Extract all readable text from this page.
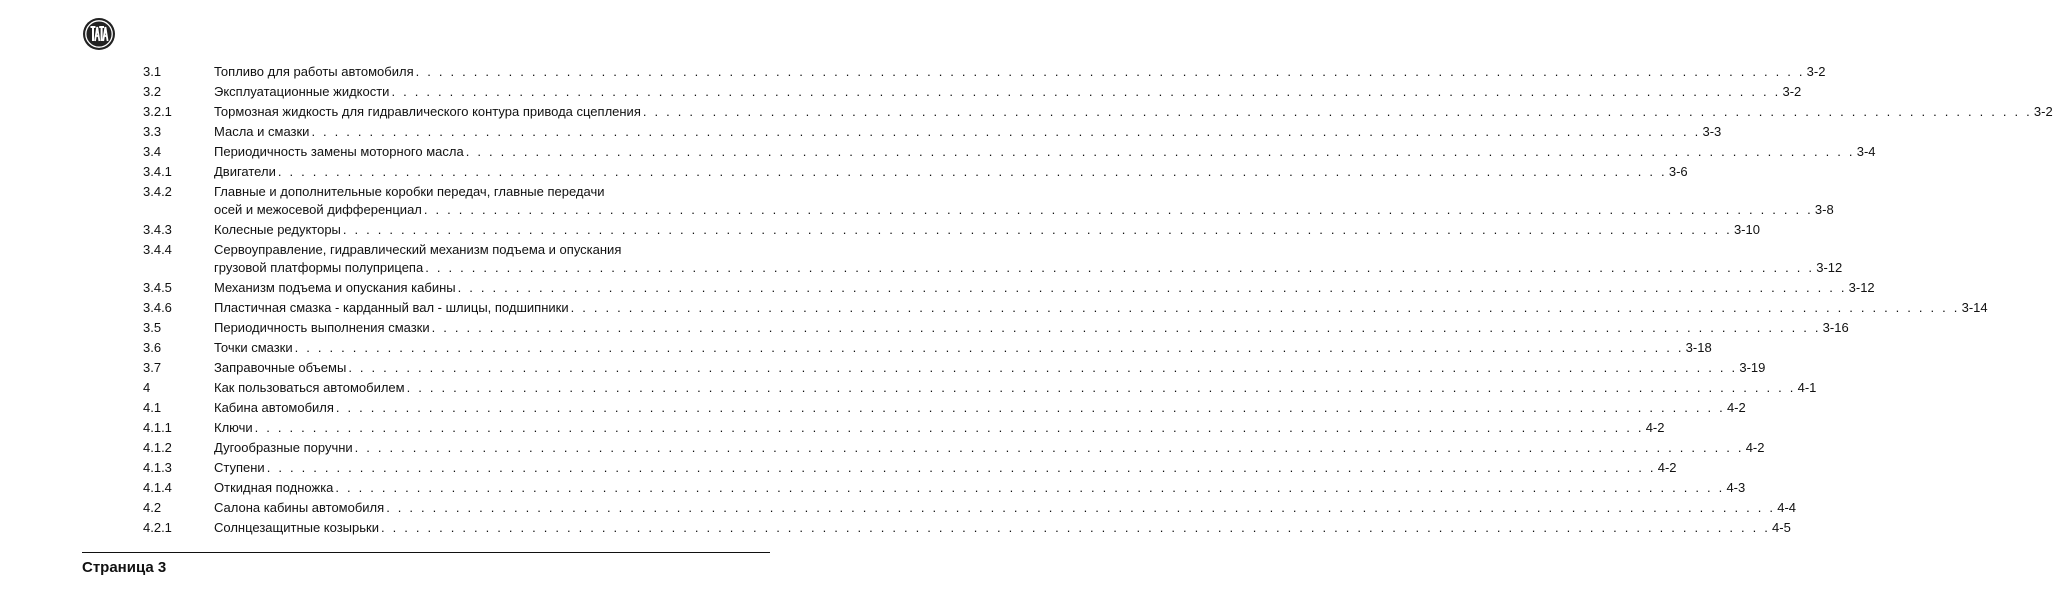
3.1	Топливо для работы автомобиля . . . . . . . . . . . . . . . . . . . . . . . . . . . . . . . . . . . . . . . . . . . . . . . . . . . . . . . . . . . . . . . . . . . . . . . . . . . . . . . . . . . . . . . . . . . . . . . . . . . . . . . . . . . . . . . . . . . . . . . . 3-2
3.2	Эксплуатационные жидкости . . . . . . . . . . . . . . . . . . . . . . . . . . . . . . . . . . . . . . . . . . . . . . . . . . . . . . . . . . . . . . . . . . . . . . . . . . . . . . . . . . . . . . . . . . . . . . . . . . . . . . . . . . . . . . . . . . . . . . . . 3-2
3.2.1	Тормозная жидкость для гидравлического контура привода сцепления . . . . . . . . . . . . . . . . . . . . . . . . . . . . . . . . . . . . . . . . . . . . . . . . . . . . . . . . . . . . . . . . . . . . . . . . . . . . . . . . . . . . . . . . . . . . . . . . . . . . . . . . . . . . . . . . . . . . . . . . 3-2
3.3	Масла и смазки . . . . . . . . . . . . . . . . . . . . . . . . . . . . . . . . . . . . . . . . . . . . . . . . . . . . . . . . . . . . . . . . . . . . . . . . . . . . . . . . . . . . . . . . . . . . . . . . . . . . . . . . . . . . . . . . . . . . . . . . 3-3
3.4	Периодичность замены моторного масла . . . . . . . . . . . . . . . . . . . . . . . . . . . . . . . . . . . . . . . . . . . . . . . . . . . . . . . . . . . . . . . . . . . . . . . . . . . . . . . . . . . . . . . . . . . . . . . . . . . . . . . . . . . . . . . . . . . . . . . . 3-4
3.4.1	Двигатели . . . . . . . . . . . . . . . . . . . . . . . . . . . . . . . . . . . . . . . . . . . . . . . . . . . . . . . . . . . . . . . . . . . . . . . . . . . . . . . . . . . . . . . . . . . . . . . . . . . . . . . . . . . . . . . . . . . . . . . . 3-6
3.4.2	Главные и дополнительные коробки передач, главные передачи
осей и межосевой дифференциал . . . . . . . . . . . . . . . . . . . . . . . . . . . . . . . . . . . . . . . . . . . . . . . . . . . . . . . . . . . . . . . . . . . . . . . . . . . . . . . . . . . . . . . . . . . . . . . . . . . . . . . . . . . . . . . . . . . . . . . . 3-8
3.4.3	Колесные редукторы . . . . . . . . . . . . . . . . . . . . . . . . . . . . . . . . . . . . . . . . . . . . . . . . . . . . . . . . . . . . . . . . . . . . . . . . . . . . . . . . . . . . . . . . . . . . . . . . . . . . . . . . . . . . . . . . . . . . . . . . 3-10
3.4.4	Сервоуправление, гидравлический механизм подъема и опускания
грузовой платформы полуприцепа . . . . . . . . . . . . . . . . . . . . . . . . . . . . . . . . . . . . . . . . . . . . . . . . . . . . . . . . . . . . . . . . . . . . . . . . . . . . . . . . . . . . . . . . . . . . . . . . . . . . . . . . . . . . . . . . . . . . . . . . 3-12
3.4.5	Механизм подъема и опускания кабины . . . . . . . . . . . . . . . . . . . . . . . . . . . . . . . . . . . . . . . . . . . . . . . . . . . . . . . . . . . . . . . . . . . . . . . . . . . . . . . . . . . . . . . . . . . . . . . . . . . . . . . . . . . . . . . . . . . . . . . . 3-12
3.4.6	Пластичная смазка - карданный вал - шлицы, подшипники . . . . . . . . . . . . . . . . . . . . . . . . . . . . . . . . . . . . . . . . . . . . . . . . . . . . . . . . . . . . . . . . . . . . . . . . . . . . . . . . . . . . . . . . . . . . . . . . . . . . . . . . . . . . . . . . . . . . . . . . 3-14
3.5	Периодичность выполнения смазки . . . . . . . . . . . . . . . . . . . . . . . . . . . . . . . . . . . . . . . . . . . . . . . . . . . . . . . . . . . . . . . . . . . . . . . . . . . . . . . . . . . . . . . . . . . . . . . . . . . . . . . . . . . . . . . . . . . . . . . . 3-16
3.6	Точки смазки . . . . . . . . . . . . . . . . . . . . . . . . . . . . . . . . . . . . . . . . . . . . . . . . . . . . . . . . . . . . . . . . . . . . . . . . . . . . . . . . . . . . . . . . . . . . . . . . . . . . . . . . . . . . . . . . . . . . . . . . 3-18
3.7	Заправочные объемы . . . . . . . . . . . . . . . . . . . . . . . . . . . . . . . . . . . . . . . . . . . . . . . . . . . . . . . . . . . . . . . . . . . . . . . . . . . . . . . . . . . . . . . . . . . . . . . . . . . . . . . . . . . . . . . . . . . . . . . . 3-19
4	Как пользоваться автомобилем . . . . . . . . . . . . . . . . . . . . . . . . . . . . . . . . . . . . . . . . . . . . . . . . . . . . . . . . . . . . . . . . . . . . . . . . . . . . . . . . . . . . . . . . . . . . . . . . . . . . . . . . . . . . . . . . . . . . . . . . 4-1
4.1	Кабина автомобиля . . . . . . . . . . . . . . . . . . . . . . . . . . . . . . . . . . . . . . . . . . . . . . . . . . . . . . . . . . . . . . . . . . . . . . . . . . . . . . . . . . . . . . . . . . . . . . . . . . . . . . . . . . . . . . . . . . . . . . . . 4-2
4.1.1	Ключи . . . . . . . . . . . . . . . . . . . . . . . . . . . . . . . . . . . . . . . . . . . . . . . . . . . . . . . . . . . . . . . . . . . . . . . . . . . . . . . . . . . . . . . . . . . . . . . . . . . . . . . . . . . . . . . . . . . . . . . . 4-2
4.1.2	Дугообразные поручни . . . . . . . . . . . . . . . . . . . . . . . . . . . . . . . . . . . . . . . . . . . . . . . . . . . . . . . . . . . . . . . . . . . . . . . . . . . . . . . . . . . . . . . . . . . . . . . . . . . . . . . . . . . . . . . . . . . . . . . . 4-2
4.1.3	Ступени . . . . . . . . . . . . . . . . . . . . . . . . . . . . . . . . . . . . . . . . . . . . . . . . . . . . . . . . . . . . . . . . . . . . . . . . . . . . . . . . . . . . . . . . . . . . . . . . . . . . . . . . . . . . . . . . . . . . . . . . 4-2
4.1.4	Откидная подножка . . . . . . . . . . . . . . . . . . . . . . . . . . . . . . . . . . . . . . . . . . . . . . . . . . . . . . . . . . . . . . . . . . . . . . . . . . . . . . . . . . . . . . . . . . . . . . . . . . . . . . . . . . . . . . . . . . . . . . . . 4-3
4.2	Салона кабины автомобиля . . . . . . . . . . . . . . . . . . . . . . . . . . . . . . . . . . . . . . . . . . . . . . . . . . . . . . . . . . . . . . . . . . . . . . . . . . . . . . . . . . . . . . . . . . . . . . . . . . . . . . . . . . . . . . . . . . . . . . . . 4-4
4.2.1	Солнцезащитные козырьки . . . . . . . . . . . . . . . . . . . . . . . . . . . . . . . . . . . . . . . . . . . . . . . . . . . . . . . . . . . . . . . . . . . . . . . . . . . . . . . . . . . . . . . . . . . . . . . . . . . . . . . . . . . . . . . . . . . . . . . . 4-5
Страница 3
